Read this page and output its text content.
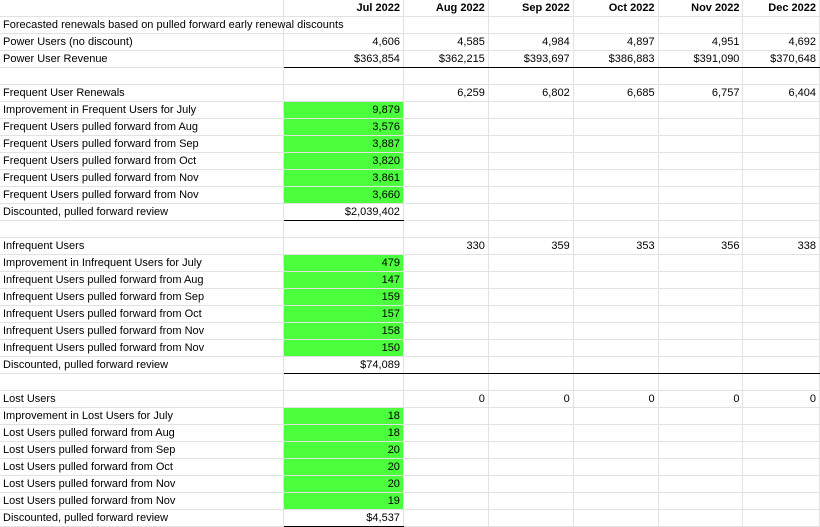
	Jul 2022	Aug 2022	Sep 2022	Oct 2022	Nov 2022	Dec 2022
Forecasted renewals based on pulled forward early renewal discounts						
Power Users (no discount)	4,606	4,585	4,984	4,897	4,951	4,692
Power User Revenue	$363,854	$362,215	$393,697	$386,883	$391,090	$370,648

Frequent User Renewals		6,259	6,802	6,685	6,757	6,404
Improvement in Frequent Users for July	9,879					
Frequent Users pulled forward from Aug	3,576					
Frequent Users pulled forward from Sep	3,887					
Frequent Users pulled forward from Oct	3,820					
Frequent Users pulled forward from Nov	3,861					
Frequent Users pulled forward from Nov	3,660					
Discounted, pulled forward review	$2,039,402					

Infrequent Users		330	359	353	356	338
Improvement in Infrequent Users for July	479					
Infrequent Users pulled forward from Aug	147					
Infrequent Users pulled forward from Sep	159					
Infrequent Users pulled forward from Oct	157					
Infrequent Users pulled forward from Nov	158					
Infrequent Users pulled forward from Nov	150					
Discounted, pulled forward review	$74,089					

Lost Users		0	0	0	0	0
Improvement in Lost Users for July	18					
Lost Users pulled forward from Aug	18					
Lost Users pulled forward from Sep	20					
Lost Users pulled forward from Oct	20					
Lost Users pulled forward from Nov	20					
Lost Users pulled forward from Nov	19					
Discounted, pulled forward review	$4,537					
